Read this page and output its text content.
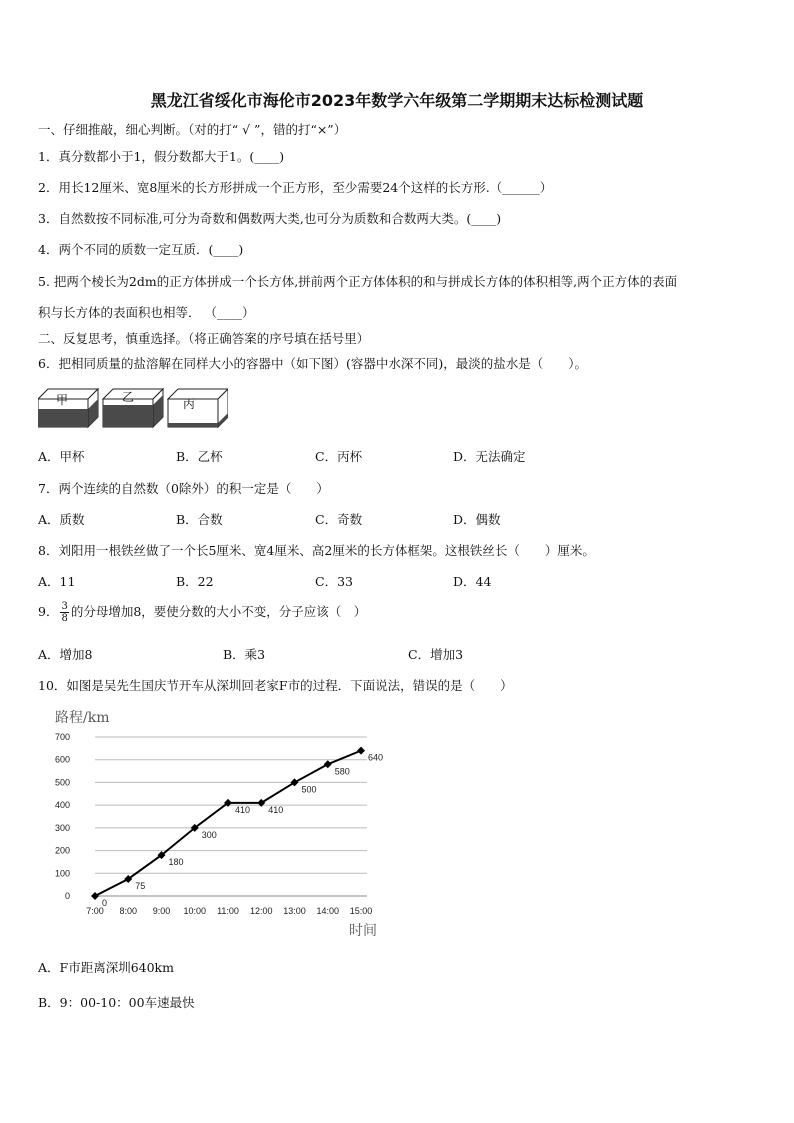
黑龙江省绥化市海伦市2023年数学六年级第二学期期末达标检测试题
一、仔细推敲，细心判断。（对的打“ √ ”，错的打“×”）
1．真分数都小于1，假分数都大于1。(____)
2．用长12厘米、宽8厘米的长方形拼成一个正方形，至少需要24个这样的长方形.（______）
3．自然数按不同标准,可分为奇数和偶数两大类,也可分为质数和合数两大类。(____)
4．两个不同的质数一定互质．(____)
5. 把两个棱长为2dm的正方体拼成一个长方体,拼前两个正方体体积的和与拼成长方体的体积相等,两个正方体的表面
积与长方体的表面积也相等． （____）
二、反复思考，慎重选择。（将正确答案的序号填在括号里）
6．把相同质量的盐溶解在同样大小的容器中（如下图）(容器中水深不同)，最淡的盐水是（　　）。
甲	乙	丙
A．甲杯	B．乙杯	C．丙杯	D．无法确定
7．两个连续的自然数（0除外）的积一定是（　　）
A．质数	B．合数	C．奇数	D．偶数
8．刘阳用一根铁丝做了一个长5厘米、宽4厘米、高2厘米的长方体框架。这根铁丝长（　　）厘米。
A．11	B．22	C．33	D．44
9． $\frac{3}{8}$ 的分母增加8，要使分数的大小不变，分子应该（　）
A．增加8	B．乘3	C．增加3
10．如图是吴先生国庆节开车从深圳回老家F市的过程．下面说法，错误的是（　　）
路程/km
时间
0
100
200
300
400
500
600
700
7:00 8:00 9:00 10:00 11:00 12:00 13:00 14:00 15:00
0
75
180
300
410 410
500
580
640
A．F市距离深圳640km
B．9：00-10：00车速最快
